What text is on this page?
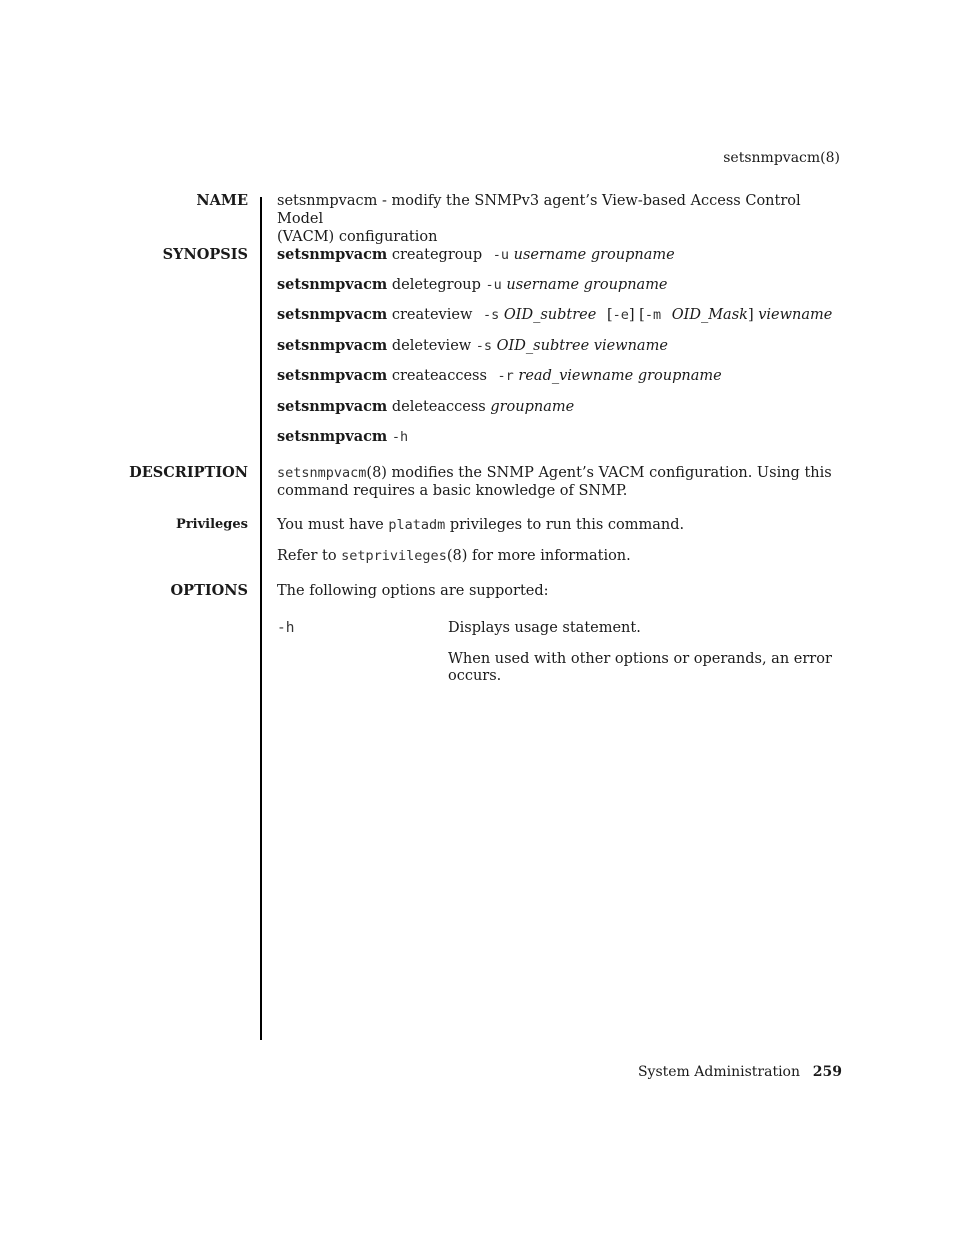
setsnmpvacm(8)
NAME setsnmpvacm - modify the SNMPv3 agent’s View-based Access Control Model
(VACM) configuration
SYNOPSIS setsnmpvacm creategroup -u username groupname
setsnmpvacm deletegroup -u username groupname
setsnmpvacm createview -s OID_subtree [-e] [-m OID_Mask] viewname
setsnmpvacm deleteview -s OID_subtree viewname
setsnmpvacm createaccess -r read_viewname groupname
setsnmpvacm deleteaccess groupname
setsnmpvacm -h
DESCRIPTION setsnmpvacm(8) modifies the SNMP Agent’s VACM configuration. Using this
command requires a basic knowledge of SNMP.
Privileges You must have platadm privileges to run this command.
Refer to setprivileges(8) for more information.
OPTIONS The following options are supported:
-h	Displays usage statement.
When used with other options or operands, an error
occurs.
System Administration 259
